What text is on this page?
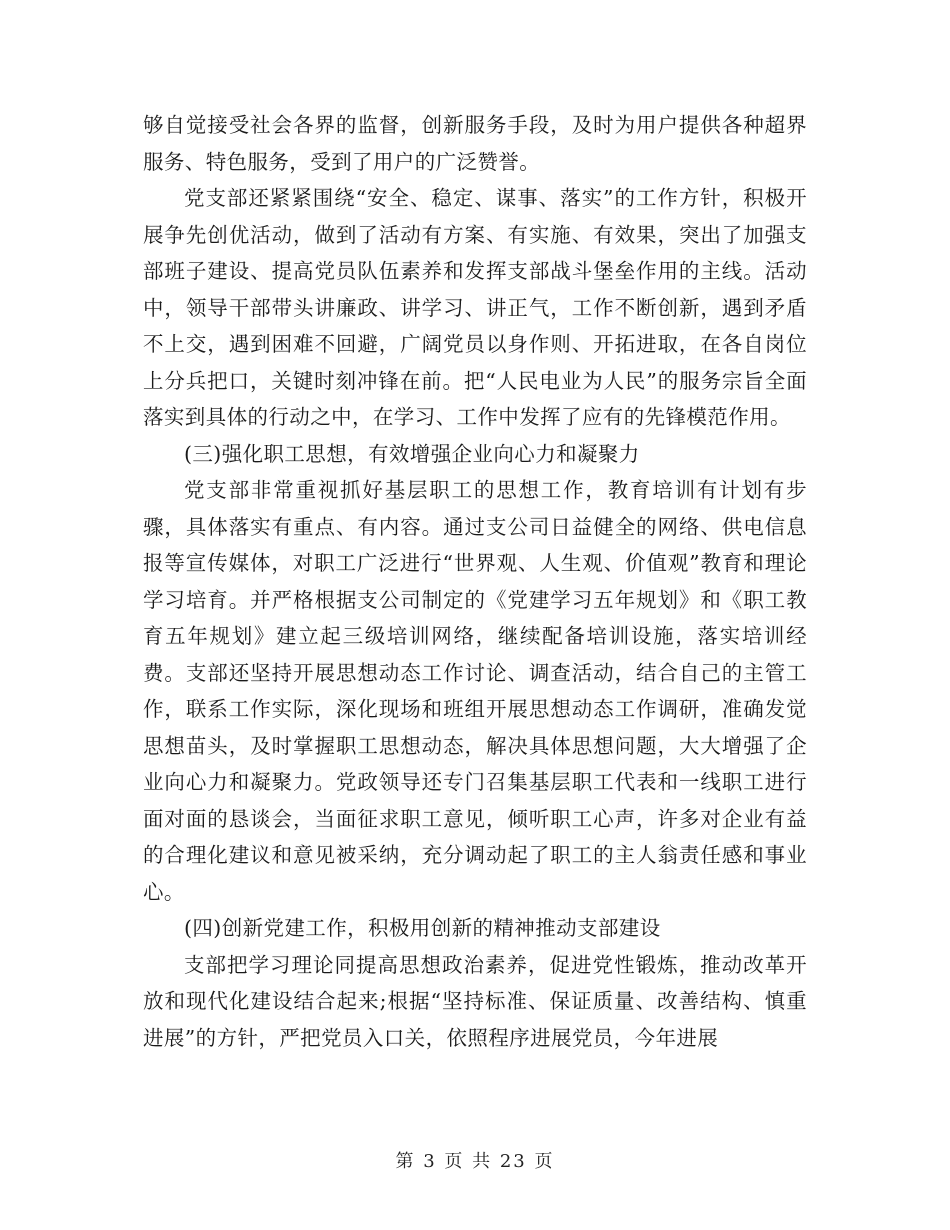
够自觉接受社会各界的监督，创新服务手段，及时为用户提供各种超界服务、特色服务，受到了用户的广泛赞誉。

党支部还紧紧围绕“安全、稳定、谋事、落实”的工作方针，积极开展争先创优活动，做到了活动有方案、有实施、有效果，突出了加强支部班子建设、提高党员队伍素养和发挥支部战斗堡垒作用的主线。活动中，领导干部带头讲廉政、讲学习、讲正气，工作不断创新，遇到矛盾不上交，遇到困难不回避，广阔党员以身作则、开拓进取，在各自岗位上分兵把口，关键时刻冲锋在前。把“人民电业为人民”的服务宗旨全面落实到具体的行动之中，在学习、工作中发挥了应有的先锋模范作用。

(三)强化职工思想，有效增强企业向心力和凝聚力

党支部非常重视抓好基层职工的思想工作，教育培训有计划有步骤，具体落实有重点、有内容。通过支公司日益健全的网络、供电信息报等宣传媒体，对职工广泛进行“世界观、人生观、价值观”教育和理论学习培育。并严格根据支公司制定的《党建学习五年规划》和《职工教育五年规划》建立起三级培训网络，继续配备培训设施，落实培训经费。支部还坚持开展思想动态工作讨论、调查活动，结合自己的主管工作，联系工作实际，深化现场和班组开展思想动态工作调研，准确发觉思想苗头，及时掌握职工思想动态，解决具体思想问题，大大增强了企业向心力和凝聚力。党政领导还专门召集基层职工代表和一线职工进行面对面的恳谈会，当面征求职工意见，倾听职工心声，许多对企业有益的合理化建议和意见被采纳，充分调动起了职工的主人翁责任感和事业心。

(四)创新党建工作，积极用创新的精神推动支部建设

支部把学习理论同提高思想政治素养，促进党性锻炼，推动改革开放和现代化建设结合起来;根据“坚持标准、保证质量、改善结构、慎重进展”的方针，严把党员入口关，依照程序进展党员，今年进展

第 3 页 共 23 页
